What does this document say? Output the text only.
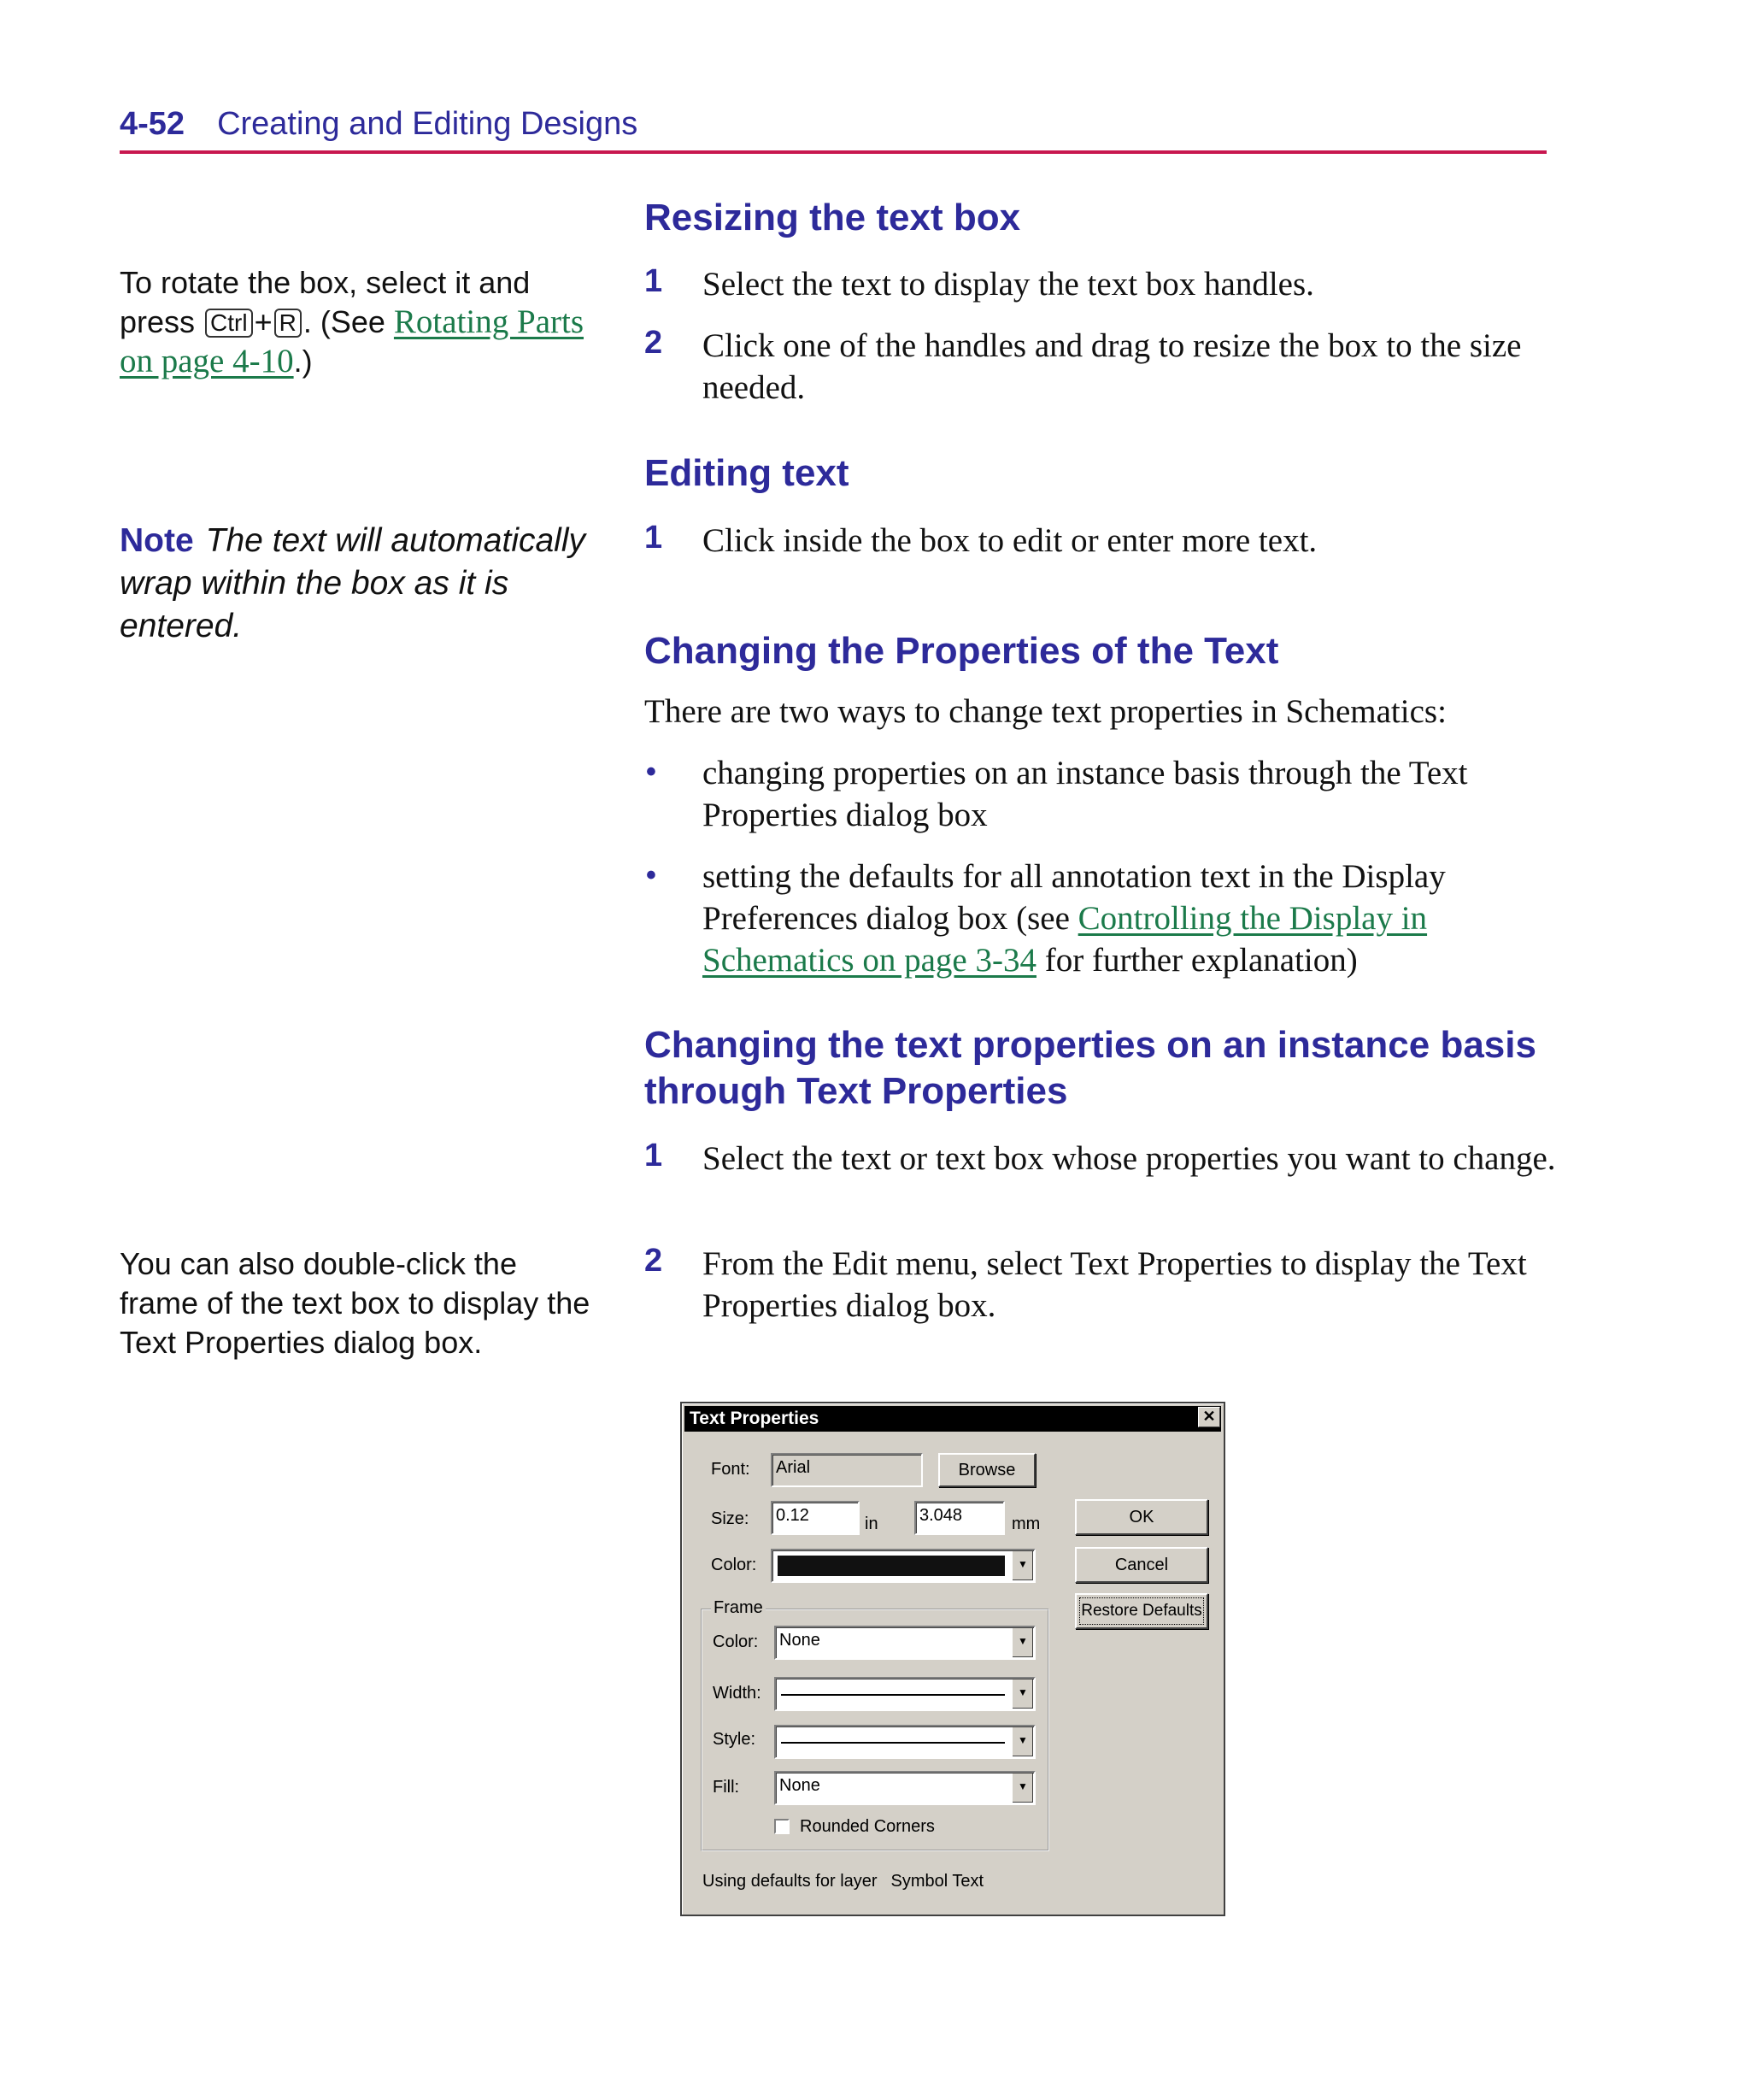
4-52 Creating and Editing Designs
To rotate the box, select it and press Ctrl + R . (See Rotating Parts on page 4-10.)
Note The text will automatically wrap within the box as it is entered.
You can also double-click the frame of the text box to display the Text Properties dialog box.
Resizing the text box
1 Select the text to display the text box handles.
2 Click one of the handles and drag to resize the box to the size needed.
Editing text
1 Click inside the box to edit or enter more text.
Changing the Properties of the Text
There are two ways to change text properties in Schematics:
• changing properties on an instance basis through the Text Properties dialog box
• setting the defaults for all annotation text in the Display Preferences dialog box (see Controlling the Display in Schematics on page 3-34 for further explanation)
Changing the text properties on an instance basis through Text Properties
1 Select the text or text box whose properties you want to change.
2 From the Edit menu, select Text Properties to display the Text Properties dialog box.
Text Properties	✕
Font:	Arial	Browse
Size:	0.12	in	3.048	mm
Color:	▼
Frame
Color:	None	▼
Width:	▼
Style:	▼
Fill:	None	▼
Rounded Corners
OK
Cancel
Restore Defaults
Using defaults for layer Symbol Text
